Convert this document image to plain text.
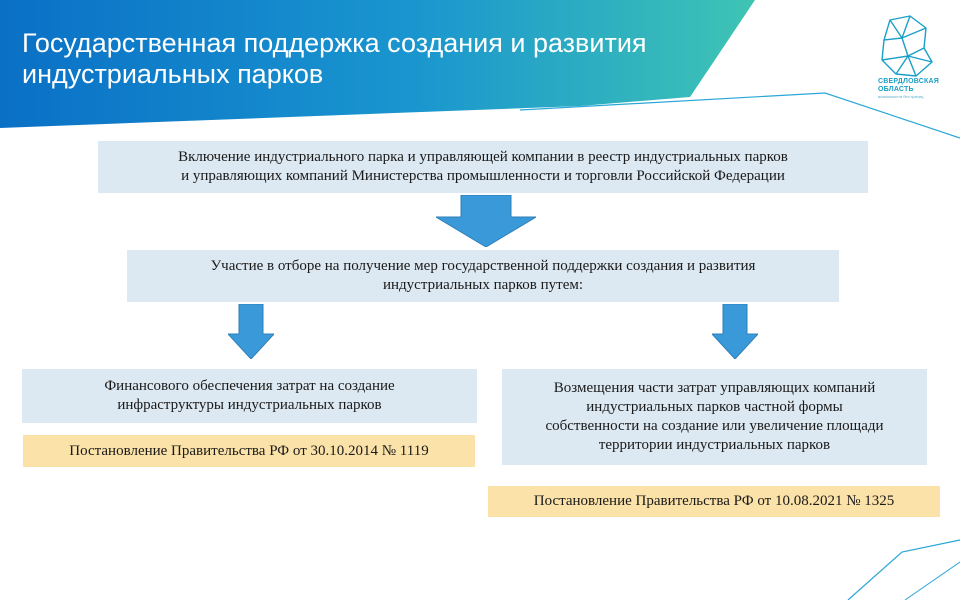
Государственная поддержка создания и развития
индустриальных парков	СВЕРДЛОВСКАЯ ОБЛАСТЬ
возможности без границ
Включение индустриального парка и управляющей компании в реестр индустриальных парков
и управляющих компаний Министерства промышленности и торговли Российской Федерации
Участие в отборе на получение мер государственной поддержки создания и развития
индустриальных парков путем:
Финансового обеспечения затрат на создание
инфраструктуры индустриальных парков
Постановление Правительства РФ от 30.10.2014 № 1119
Возмещения части затрат управляющих компаний
индустриальных парков частной формы
собственности на создание или увеличение площади
территории индустриальных парков
Постановление Правительства РФ от 10.08.2021 № 1325
